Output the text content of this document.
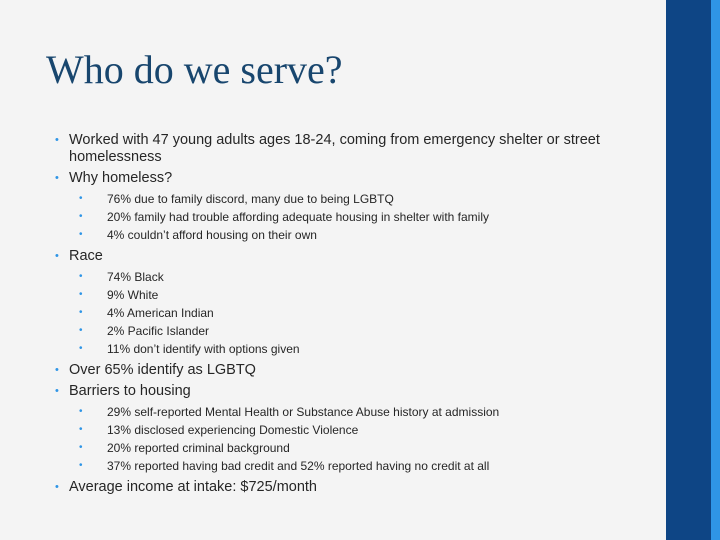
Who do we serve?
• Worked with 47 young adults ages 18-24, coming from emergency shelter or street homelessness
• Why homeless?
• 76% due to family discord, many due to being LGBTQ
• 20% family had trouble affording adequate housing in shelter with family
• 4% couldn’t afford housing on their own
• Race
• 74% Black
• 9% White
• 4% American Indian
• 2% Pacific Islander
• 11% don’t identify with options given
• Over 65% identify as LGBTQ
• Barriers to housing
• 29% self-reported Mental Health or Substance Abuse history at admission
• 13% disclosed experiencing Domestic Violence
• 20% reported criminal background
• 37% reported having bad credit and 52% reported having no credit at all
• Average income at intake: $725/month
